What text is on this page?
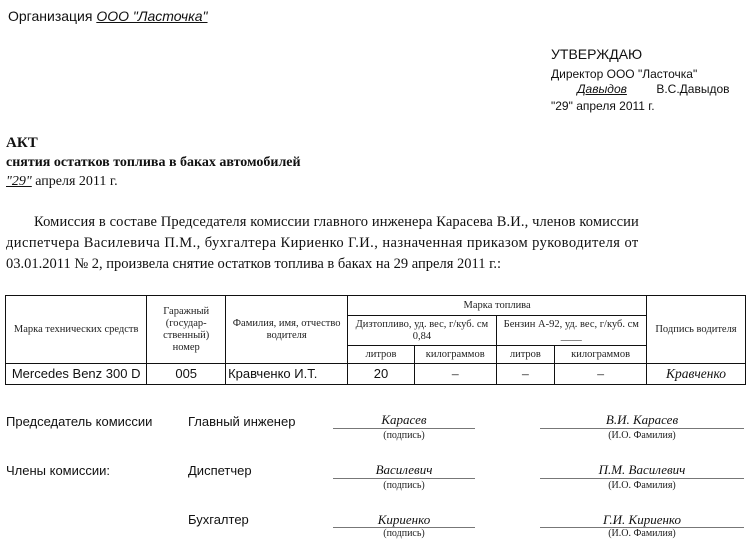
Организация ООО "Ласточка"
УТВЕРЖДАЮ
Директор ООО "Ласточка"
Давыдов В.С.Давыдов
"29" апреля 2011 г.
АКТ
снятия остатков топлива в баках автомобилей
"29" апреля 2011 г.
Комиссия в составе Председателя комиссии главного инженера Карасева В.И., членов комиссии
диспетчера Василевича П.М., бухгалтера Кириенко Г.И., назначенная приказом руководителя от
03.01.2011 № 2, произвела снятие остатков топлива в баках на 29 апреля 2011 г.:
Марка технических средств	Гаражный (государ-ственный) номер	Фамилия, имя, отчество водителя	Марка топлива				Подпись водителя
			Дизтопливо, уд. вес, г/куб. см 0,84		Бензин А-92, уд. вес, г/куб. см ____		
			литров	килограммов	литров	килограммов	
Mercedes Benz 300 D	005	Кравченко И.Т.	20	–	–	–	Кравченко
Председатель комиссии	Главный инженер	Карасев
(подпись)
В.И. Карасев
(И.О. Фамилия)
Члены комиссии:	Диспетчер	Василевич
(подпись)
П.М. Василевич
(И.О. Фамилия)
Бухгалтер	Кириенко
(подпись)
Г.И. Кириенко
(И.О. Фамилия)
